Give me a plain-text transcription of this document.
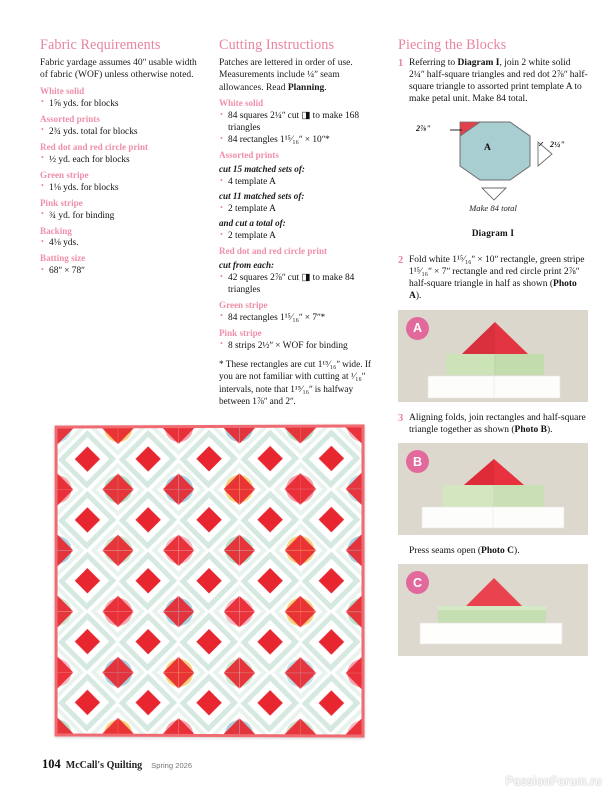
Fabric Requirements

Fabric yardage assumes 40ʺ usable width of fabric (WOF) unless otherwise noted.

White solid
• 1⅝ yds. for blocks
Assorted prints
• 2¾ yds. total for blocks
Red dot and red circle print
• ½ yd. each for blocks
Green stripe
• 1⅛ yds. for blocks
Pink stripe
• ¾ yd. for binding
Backing
• 4⅛ yds.
Batting size
• 68ʺ × 78ʺ
Cutting Instructions

Patches are lettered in order of use. Measurements include ¼ʺ seam allowances. Read Planning.

White solid
• 84 squares 2¼ʺ cut ◨ to make 168 triangles
• 84 rectangles 1¹⁵⁄₁₆ʺ × 10ʺ*
Assorted prints
cut 15 matched sets of:
• 4 template A
cut 11 matched sets of:
• 2 template A
and cut a total of:
• 2 template A
Red dot and red circle print
cut from each:
• 42 squares 2⅞ʺ cut ◨ to make 84 triangles
Green stripe
• 84 rectangles 1¹⁵⁄₁₆ʺ × 7ʺ*
Pink stripe
• 8 strips 2½ʺ × WOF for binding

* These rectangles are cut 1¹⁵⁄₁₆ʺ wide. If you are not familiar with cutting at ¹⁄₁₆ʺ intervals, note that 1¹⁵⁄₁₆ʺ is halfway between 1⅞ʺ and 2ʺ.

Piecing the Blocks
1 Referring to Diagram I, join 2 white solid 2¼ʺ half-square triangles and red dot 2⅞ʺ half-square triangle to assorted print template A to make petal unit. Make 84 total.
2⅞ʺ
2¼ʺ
A
Make 84 total
Diagram I
2 Fold white 1¹⁵⁄₁₆ʺ × 10ʺ rectangle, green stripe 1¹⁵⁄₁₆ʺ × 7ʺ rectangle and red circle print 2⅞ʺ half-square triangle in half as shown (Photo A).
A
3 Aligning folds, join rectangles and half-square triangle together as shown (Photo B).
B

Press seams open (Photo C).

C
104 McCall's Quilting Spring 2026
PassionForum.ru
